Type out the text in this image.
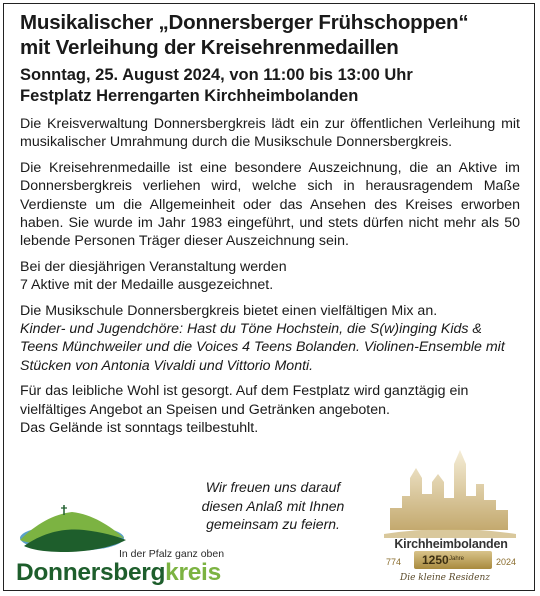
Musikalischer „Donnersberger Frühschoppen“
mit Verleihung der Kreisehrenmedaillen
Sonntag, 25. August 2024, von 11:00 bis 13:00 Uhr
Festplatz Herrengarten Kirchheimbolanden

Die Kreisverwaltung Donnersbergkreis lädt ein zur öffentlichen Verleihung mit musikalischer Umrahmung durch die Musikschule Donnersbergkreis.

Die Kreisehrenmedaille ist eine besondere Auszeichnung, die an Aktive im Donnersbergkreis verliehen wird, welche sich in herausragendem Maße Verdienste um die Allgemeinheit oder das Ansehen des Kreises erworben haben. Sie wurde im Jahr 1983 eingeführt, und stets dürfen nicht mehr als 50 lebende Personen Träger dieser Auszeichnung sein.

Bei der diesjährigen Veranstaltung werden
7 Aktive mit der Medaille ausgezeichnet.

Die Musikschule Donnersbergkreis bietet einen vielfältigen Mix an.
Kinder- und Jugendchöre: Hast du Töne Hochstein, die S(w)inging Kids & Teens Münchweiler und die Voices 4 Teens Bolanden. Violinen-Ensemble mit Stücken von Antonia Vivaldi und Vittorio Monti.

Für das leibliche Wohl ist gesorgt. Auf dem Festplatz wird ganztägig ein vielfältiges Angebot an Speisen und Getränken angeboten.

Das Gelände ist sonntags teilbestuhlt.

Wir freuen uns darauf
diesen Anlaß mit Ihnen
gemeinsam zu feiern.
In der Pfalz ganz oben
Donnersbergkreis
Kirchheimbolanden
774	1250 Jahre	2024
Die kleine Residenz
